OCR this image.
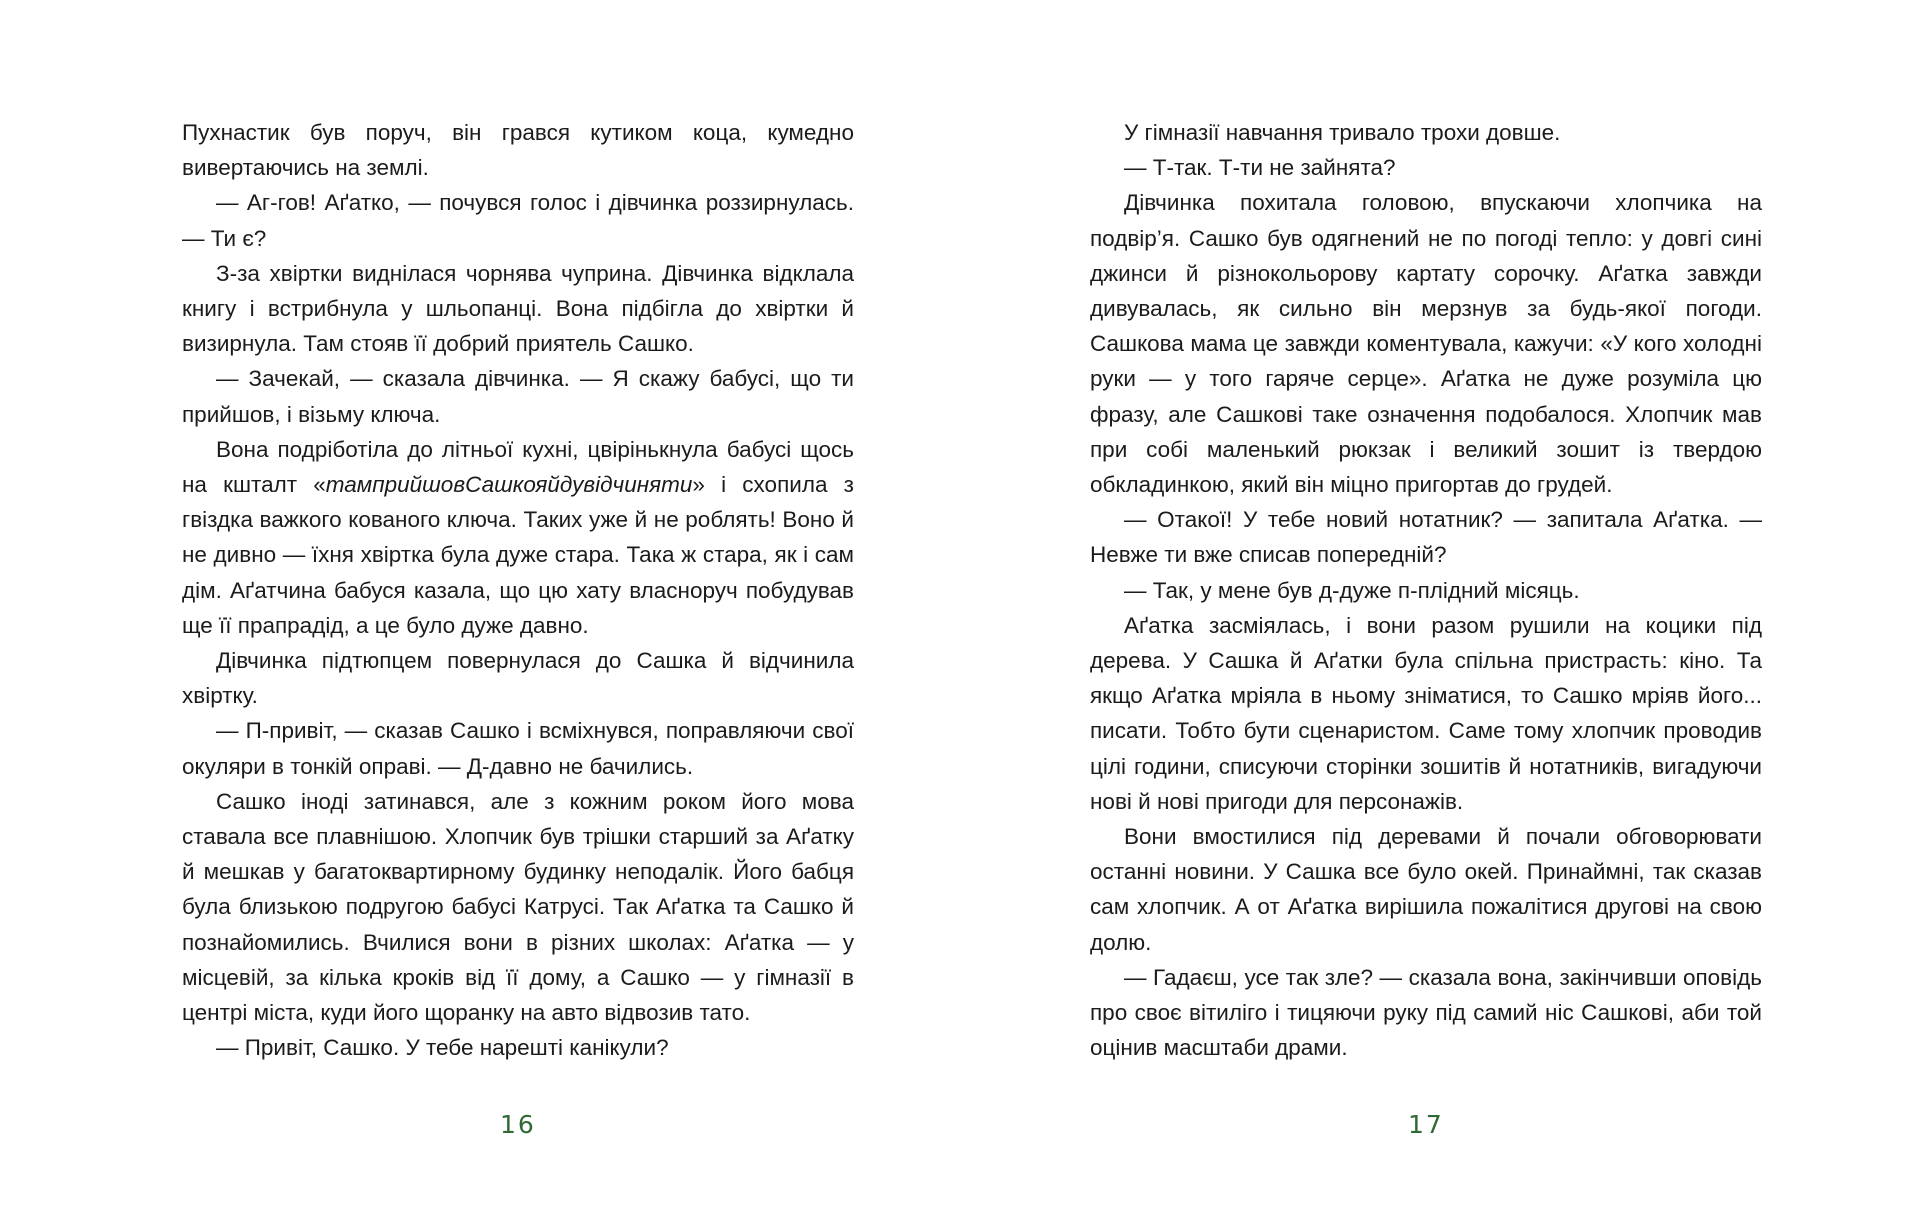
Пухнастик був поруч, він грався кутиком коца, кумедно вивертаючись на землі.

— Аг-гов! Аґатко, — почувся голос і дівчинка роззирнулась. — Ти є?

З-за хвіртки виднілася чорнява чуприна. Дівчинка відклала книгу і встрибнула у шльопанці. Вона підбігла до хвіртки й визирнула. Там стояв її добрий приятель Сашко.

— Зачекай, — сказала дівчинка. — Я скажу бабусі, що ти прийшов, і візьму ключа.

Вона подріботіла до літньої кухні, цвірінькнула бабусі щось на кшталт «тамприйшовСашкояйдувідчиняти» і схопила з гвіздка важкого кованого ключа. Таких уже й не роблять! Воно й не дивно — їхня хвіртка була дуже стара. Така ж стара, як і сам дім. Аґатчина бабуся казала, що цю хату власноруч побудував ще її прапрадід, а це було дуже давно.

Дівчинка підтюпцем повернулася до Сашка й відчинила хвіртку.

— П-привіт, — сказав Сашко і всміхнувся, поправляючи свої окуляри в тонкій оправі. — Д-давно не бачились.

Сашко іноді затинався, але з кожним роком його мова ставала все плавнішою. Хлопчик був трішки старший за Аґатку й мешкав у багатоквартирному будинку неподалік. Його бабця була близькою подругою бабусі Катрусі. Так Аґатка та Сашко й познайомились. Вчилися вони в різних школах: Аґатка — у місцевій, за кілька кроків від її дому, а Сашко — у гімназії в центрі міста, куди його щоранку на авто відвозив тато.

— Привіт, Сашко. У тебе нарешті канікули?

16

У гімназії навчання тривало трохи довше.

— Т-так. Т-ти не зайнята?

Дівчинка похитала головою, впускаючи хлопчика на подвір’я. Сашко був одягнений не по погоді тепло: у довгі сині джинси й різнокольорову картату сорочку. Аґатка завжди дивувалась, як сильно він мерзнув за будь-якої погоди. Сашкова мама це завжди коментувала, кажучи: «У кого холодні руки — у того гаряче серце». Аґатка не дуже розуміла цю фразу, але Сашкові таке означення подобалося. Хлопчик мав при собі маленький рюкзак і великий зошит із твердою обкладинкою, який він міцно пригортав до грудей.

— Отакої! У тебе новий нотатник? — запитала Аґатка. — Невже ти вже списав попередній?

— Так, у мене був д-дуже п-плідний місяць.

Аґатка засміялась, і вони разом рушили на коцики під дерева. У Сашка й Аґатки була спільна пристрасть: кіно. Та якщо Аґатка мріяла в ньому зніматися, то Сашко мріяв його... писати. Тобто бути сценаристом. Саме тому хлопчик проводив цілі години, списуючи сторінки зошитів й нотатників, вигадуючи нові й нові пригоди для персонажів.

Вони вмостилися під деревами й почали обговорювати останні новини. У Сашка все було окей. Принаймні, так сказав сам хлопчик. А от Аґатка вирішила пожалітися другові на свою долю.

— Гадаєш, усе так зле? — сказала вона, закінчивши оповідь про своє вітиліго і тицяючи руку під самий ніс Сашкові, аби той оцінив масштаби драми.

17
